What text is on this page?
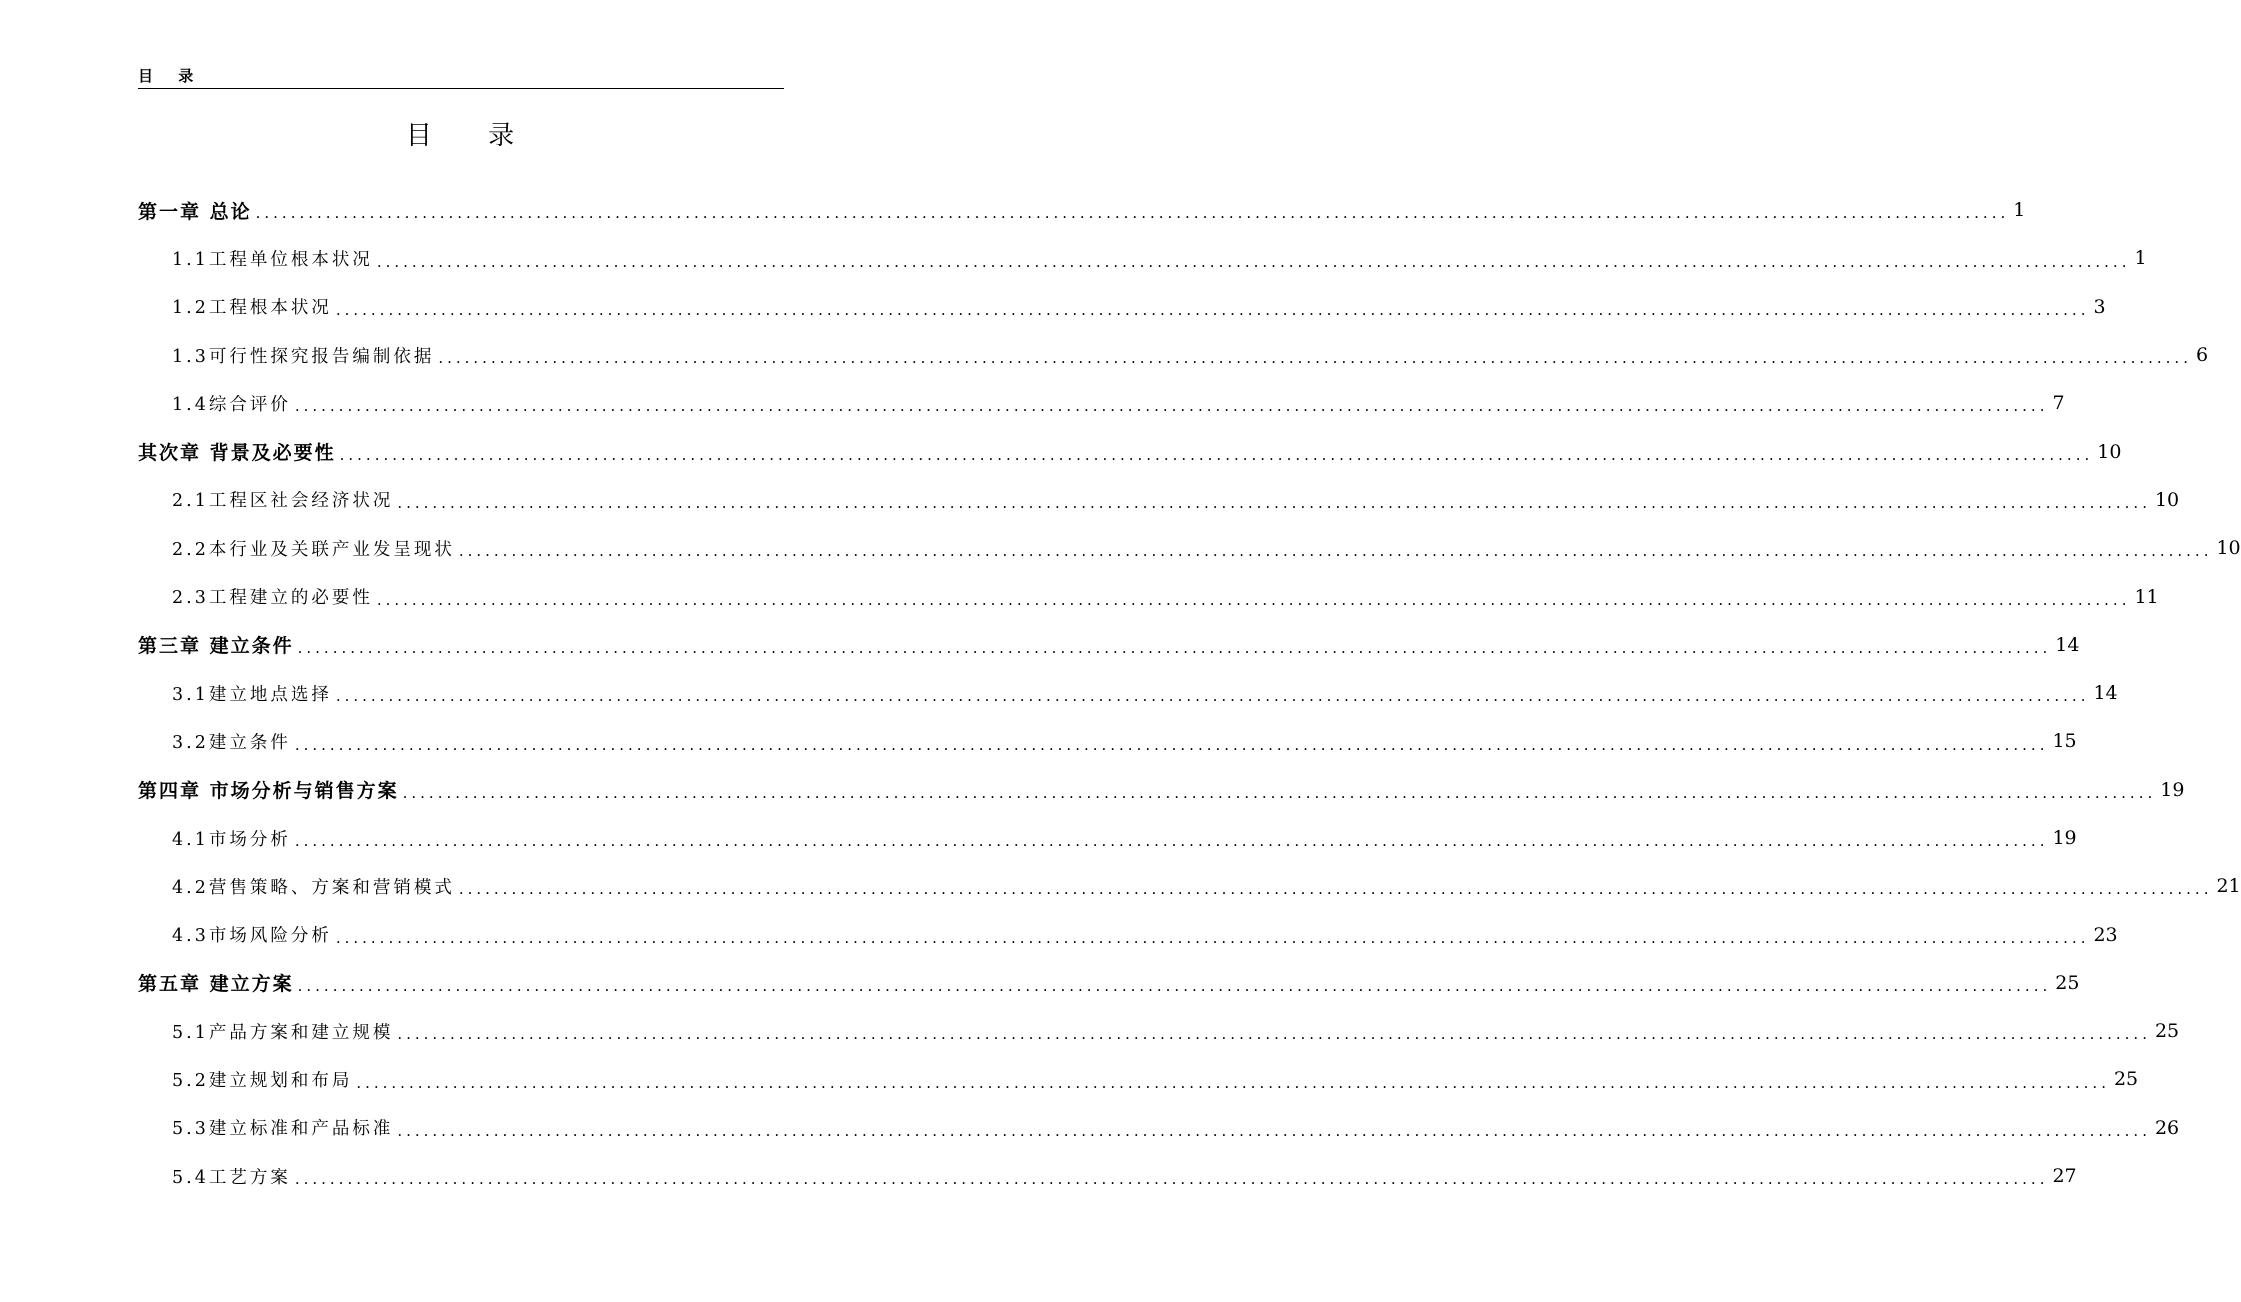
目 录
目 录
第一章 总论 ........................................................................................................................................................................................................ 1
1.1工程单位根本状况 ........................................................................................................................................................................................................ 1
1.2工程根本状况 ........................................................................................................................................................................................................ 3
1.3可行性探究报告编制依据 ........................................................................................................................................................................................................ 6
1.4综合评价 ........................................................................................................................................................................................................ 7
其次章 背景及必要性 ........................................................................................................................................................................................................ 10
2.1工程区社会经济状况 ........................................................................................................................................................................................................ 10
2.2本行业及关联产业发呈现状 ........................................................................................................................................................................................................ 10
2.3工程建立的必要性 ........................................................................................................................................................................................................ 11
第三章 建立条件 ........................................................................................................................................................................................................ 14
3.1建立地点选择 ........................................................................................................................................................................................................ 14
3.2建立条件 ........................................................................................................................................................................................................ 15
第四章 市场分析与销售方案 ........................................................................................................................................................................................................ 19
4.1市场分析 ........................................................................................................................................................................................................ 19
4.2营售策略、方案和营销模式 ........................................................................................................................................................................................................ 21
4.3市场风险分析 ........................................................................................................................................................................................................ 23
第五章 建立方案 ........................................................................................................................................................................................................ 25
5.1产品方案和建立规模 ........................................................................................................................................................................................................ 25
5.2建立规划和布局 ........................................................................................................................................................................................................ 25
5.3建立标准和产品标准 ........................................................................................................................................................................................................ 26
5.4工艺方案 ........................................................................................................................................................................................................ 27
